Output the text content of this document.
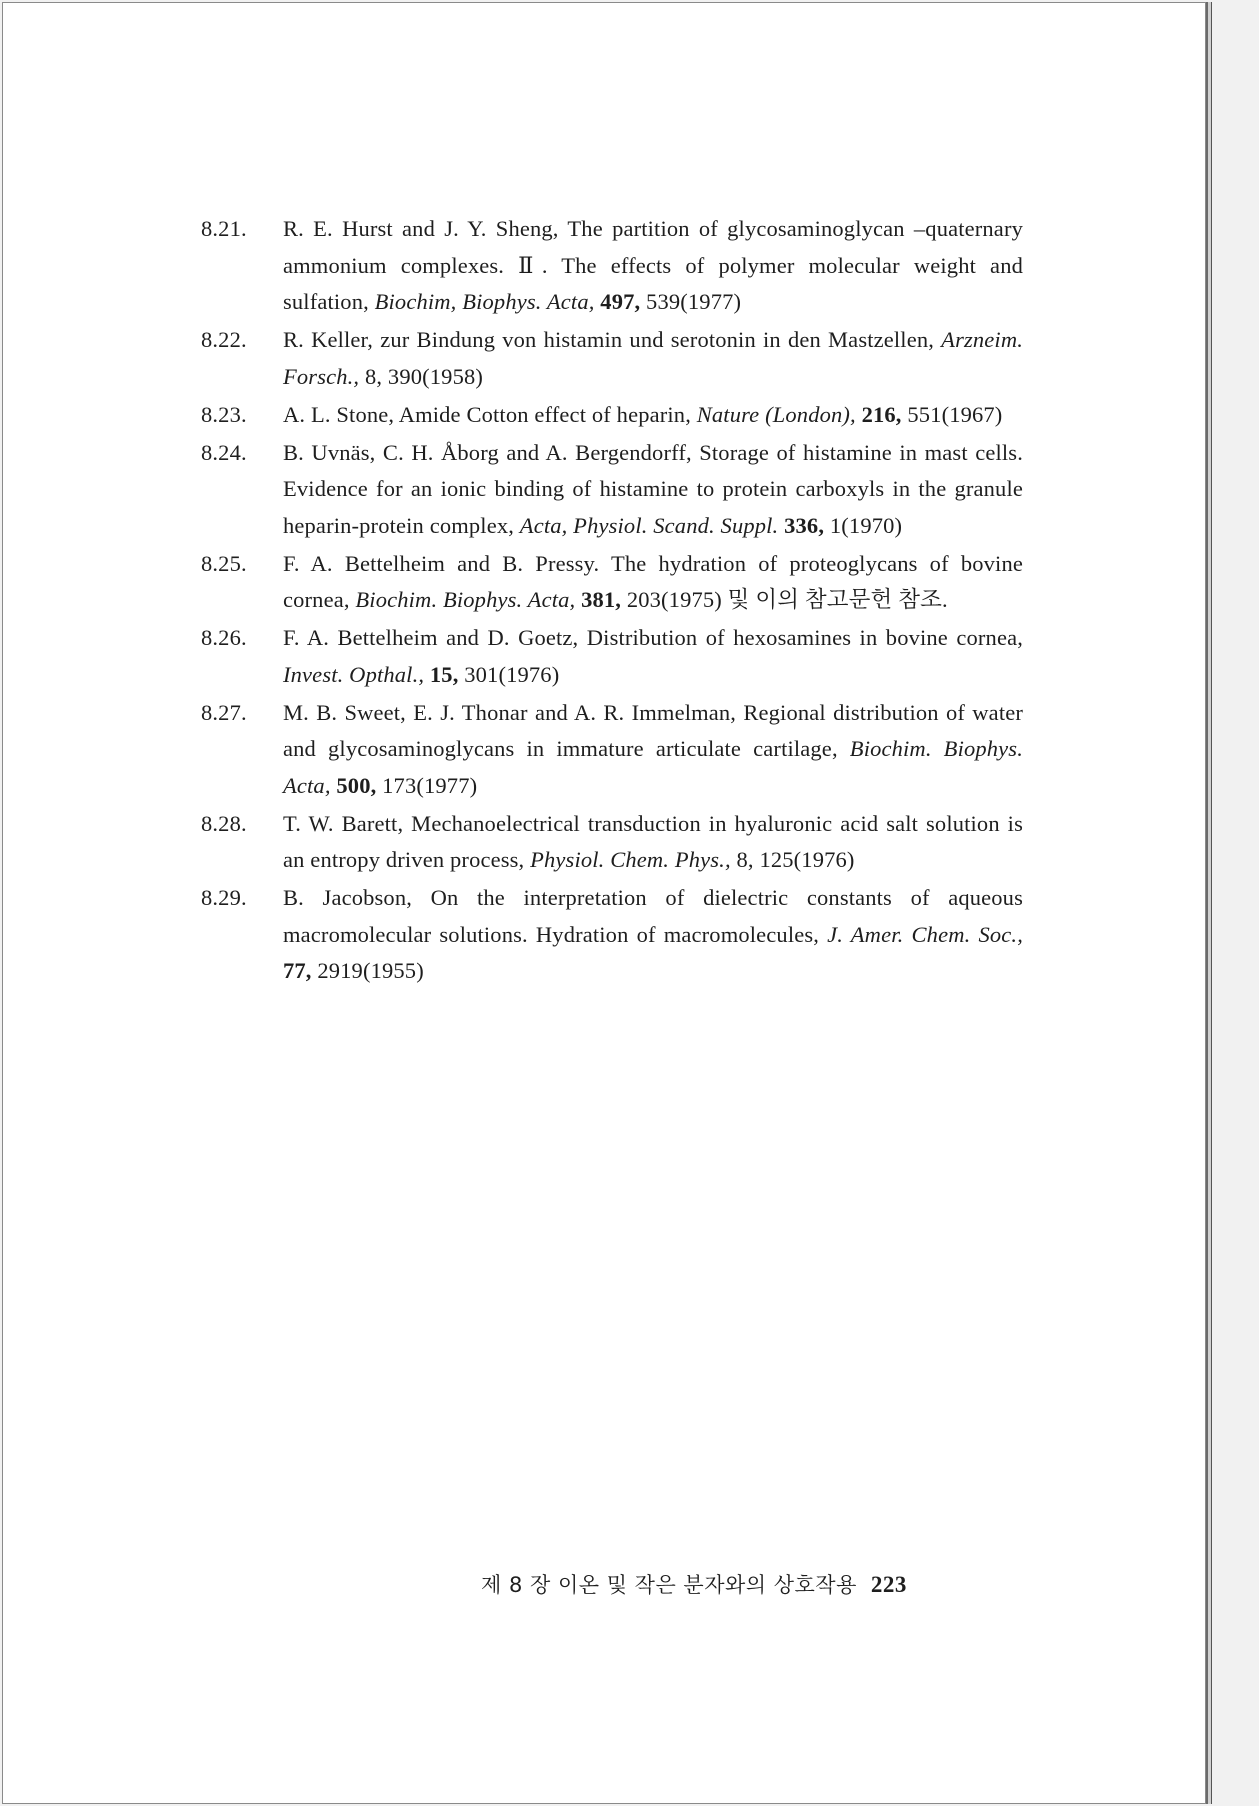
8.21.	R. E. Hurst and J. Y. Sheng, The partition of glycosaminoglycan –quaternary ammonium complexes. Ⅱ. The effects of polymer molecular weight and sulfation, Biochim, Biophys. Acta, 497, 539(1977)
8.22.	R. Keller, zur Bindung von histamin und serotonin in den Mastzellen, Arzneim. Forsch., 8, 390(1958)
8.23.	A. L. Stone, Amide Cotton effect of heparin, Nature (London), 216, 551(1967)
8.24.	B. Uvnäs, C. H. Åborg and A. Bergendorff, Storage of histamine in mast cells. Evidence for an ionic binding of histamine to protein carboxyls in the granule heparin-protein complex, Acta, Physiol. Scand. Suppl. 336, 1(1970)
8.25.	F. A. Bettelheim and B. Pressy. The hydration of proteoglycans of bovine cornea, Biochim. Biophys. Acta, 381, 203(1975) 및 이의 참고문헌 참조.
8.26.	F. A. Bettelheim and D. Goetz, Distribution of hexosamines in bovine cornea, Invest. Opthal., 15, 301(1976)
8.27.	M. B. Sweet, E. J. Thonar and A. R. Immelman, Regional distribution of water and glycosaminoglycans in immature articulate cartilage, Biochim. Biophys. Acta, 500, 173(1977)
8.28.	T. W. Barett, Mechanoelectrical transduction in hyaluronic acid salt solution is an entropy driven process, Physiol. Chem. Phys., 8, 125(1976)
8.29.	B. Jacobson, On the interpretation of dielectric constants of aqueous macromolecular solutions. Hydration of macromolecules, J. Amer. Chem. Soc., 77, 2919(1955)
제 8 장 이온 및 작은 분자와의 상호작용 223
